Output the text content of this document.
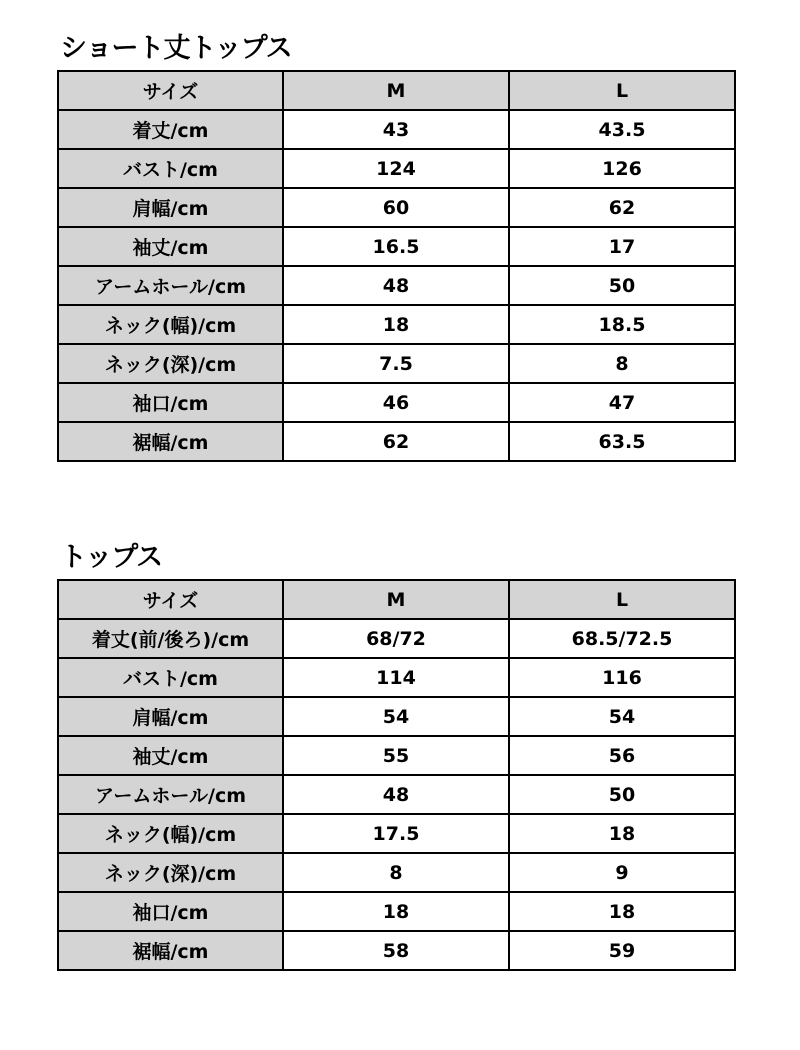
ショート丈トップス
サイズ	M	L
着丈/cm	43	43.5
バスト/cm	124	126
肩幅/cm	60	62
袖丈/cm	16.5	17
アームホール/cm	48	50
ネック(幅)/cm	18	18.5
ネック(深)/cm	7.5	8
袖口/cm	46	47
裾幅/cm	62	63.5
トップス
サイズ	M	L
着丈(前/後ろ)/cm	68/72	68.5/72.5
バスト/cm	114	116
肩幅/cm	54	54
袖丈/cm	55	56
アームホール/cm	48	50
ネック(幅)/cm	17.5	18
ネック(深)/cm	8	9
袖口/cm	18	18
裾幅/cm	58	59
